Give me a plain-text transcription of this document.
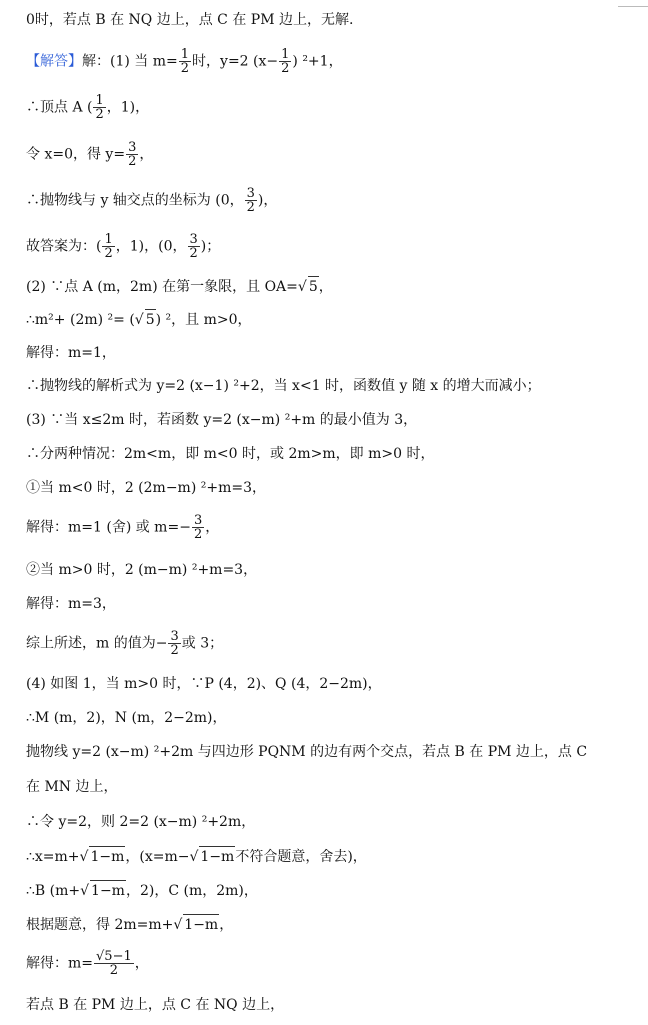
0时，若点 B 在 NQ 边上，点 C 在 PM 边上，无解.
【解答】解：(1) 当 $m= \frac{1}{2}$ 时，y=2 ($x- \frac{1}{2}$ ) ²+1，
∴顶点 A ( $\frac{1}{2}$ ，1)，
令 x=0，得 $y= \frac{3}{2}$ ，
∴抛物线与 y 轴交点的坐标为 (0， $\frac{3}{2}$ )，
故答案为：( $\frac{1}{2}$ ，1)，(0， $\frac{3}{2}$ )；
(2) ∵点 A (m，2m) 在第一象限，且 OA=√ 5，
∴m²+ (2m) ²= (√ 5) ²，且 m>0，
解得：m=1，
∴抛物线的解析式为 y=2 (x−1) ²+2，当 x<1 时，函数值 y 随 x 的增大而减小；
(3) ∵当 x≤2m 时，若函数 y=2 (x−m) ²+m 的最小值为 3，
∴分两种情况：2m<m，即 m<0 时，或 2m>m，即 m>0 时，
①当 m<0 时，2 (2m−m) ²+m=3，
解得：m=1 (舍) 或 $m=- \frac{3}{2}$ ，
②当 m>0 时，2 (m−m) ²+m=3，
解得：m=3，
综上所述，m 的值为− $\frac{3}{2}$ 或 3；
(4) 如图 1，当 m>0 时，∵P (4，2)、Q (4，2−2m)，
∴M (m，2)，N (m，2−2m)，
抛物线 y=2 (x−m) ²+2m 与四边形 PQNM 的边有两个交点，若点 B 在 PM 边上，点 C
在 MN 边上，
∴令 y=2，则 2=2 (x−m) ²+2m，
∴x=m+√ 1−m，(x=m−√ 1−m不符合题意，舍去)，
∴B (m+√ 1−m，2)，C (m，2m)，
根据题意，得 2m=m+√ 1−m，
解得：$m= \frac{√5-1}{2}$ ，
若点 B 在 PM 边上，点 C 在 NQ 边上，
